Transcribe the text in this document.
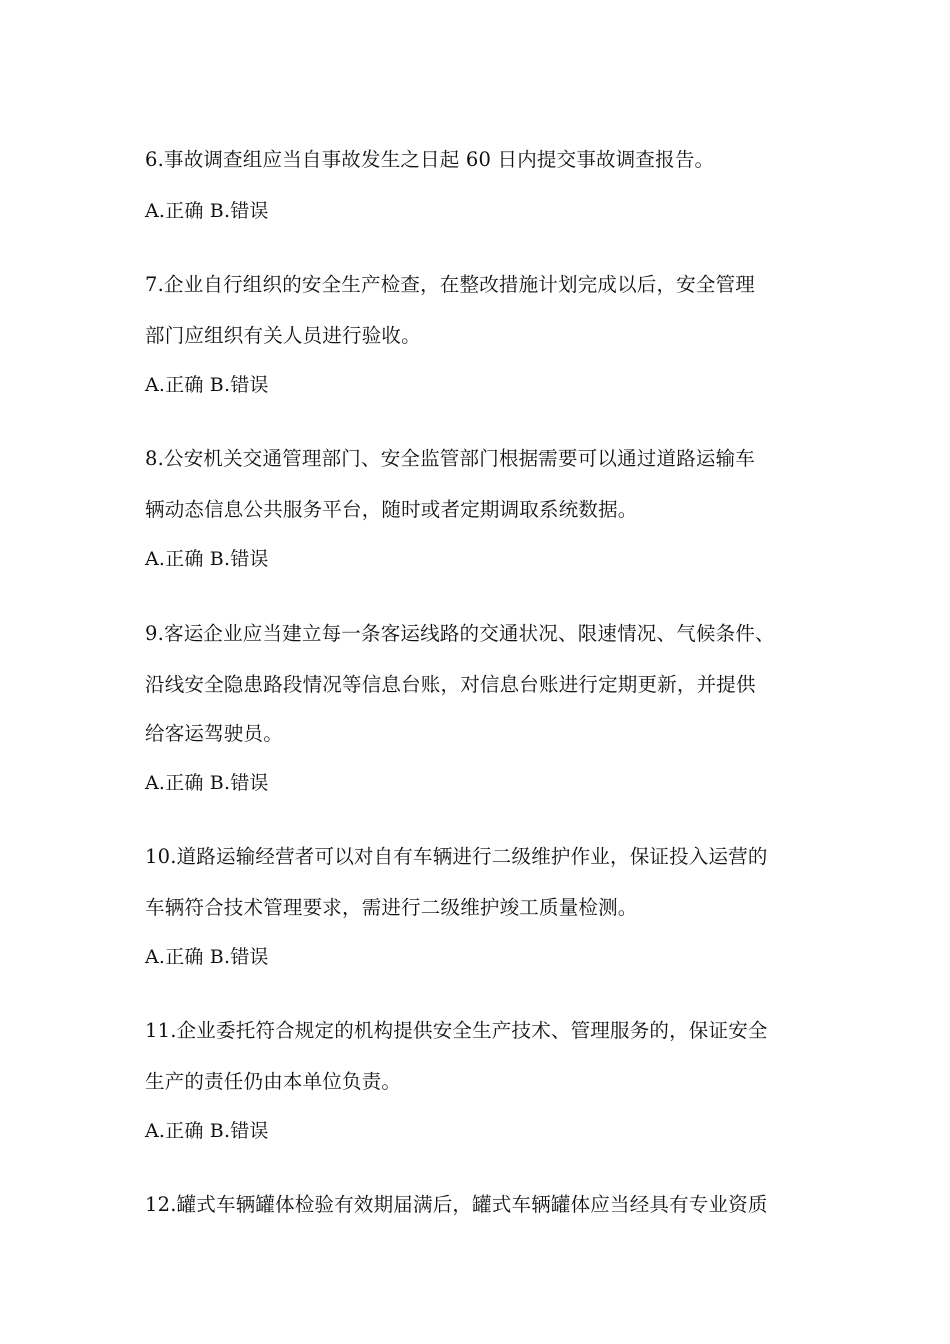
6.事故调查组应当自事故发生之日起 60 日内提交事故调查报告。
A.正确 B.错误
7.企业自行组织的安全生产检查，在整改措施计划完成以后，安全管理
部门应组织有关人员进行验收。
A.正确 B.错误
8.公安机关交通管理部门、安全监管部门根据需要可以通过道路运输车
辆动态信息公共服务平台，随时或者定期调取系统数据。
A.正确 B.错误
9.客运企业应当建立每一条客运线路的交通状况、限速情况、气候条件、
沿线安全隐患路段情况等信息台账，对信息台账进行定期更新，并提供
给客运驾驶员。
A.正确 B.错误
10.道路运输经营者可以对自有车辆进行二级维护作业，保证投入运营的
车辆符合技术管理要求，需进行二级维护竣工质量检测。
A.正确 B.错误
11.企业委托符合规定的机构提供安全生产技术、管理服务的，保证安全
生产的责任仍由本单位负责。
A.正确 B.错误
12.罐式车辆罐体检验有效期届满后，罐式车辆罐体应当经具有专业资质
